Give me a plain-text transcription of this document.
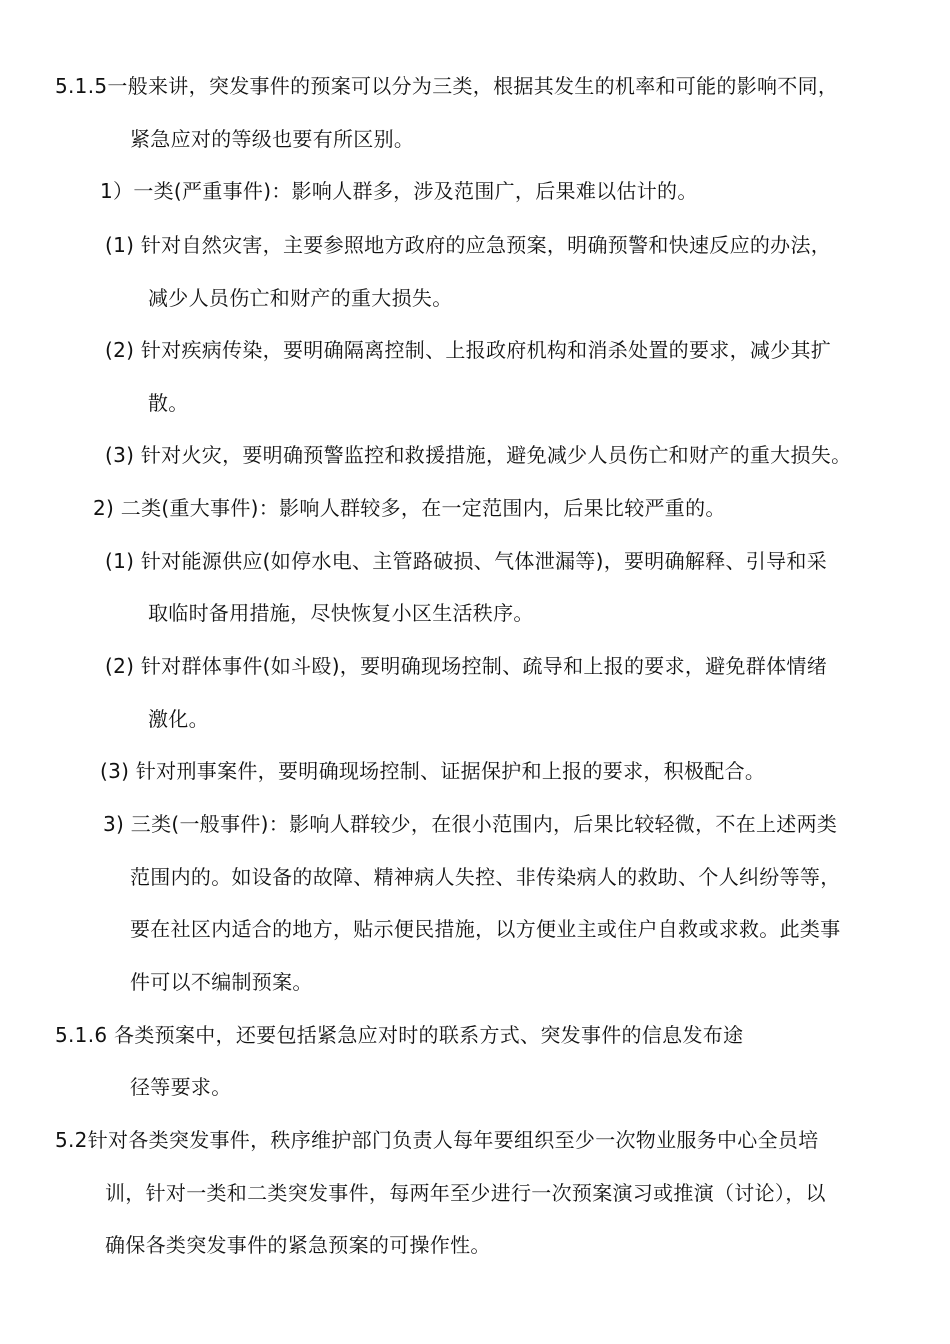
5.1.5一般来讲，突发事件的预案可以分为三类，根据其发生的机率和可能的影响不同，
紧急应对的等级也要有所区别。
1）一类(严重事件)：影响人群多，涉及范围广，后果难以估计的。
(1) 针对自然灾害，主要参照地方政府的应急预案，明确预警和快速反应的办法，
减少人员伤亡和财产的重大损失。
(2) 针对疾病传染，要明确隔离控制、上报政府机构和消杀处置的要求，减少其扩
散。
(3) 针对火灾，要明确预警监控和救援措施，避免减少人员伤亡和财产的重大损失。
2) 二类(重大事件)：影响人群较多，在一定范围内，后果比较严重的。
(1) 针对能源供应(如停水电、主管路破损、气体泄漏等)，要明确解释、引导和采
取临时备用措施，尽快恢复小区生活秩序。
(2) 针对群体事件(如斗殴)，要明确现场控制、疏导和上报的要求，避免群体情绪
激化。
(3) 针对刑事案件，要明确现场控制、证据保护和上报的要求，积极配合。
3) 三类(一般事件)：影响人群较少，在很小范围内，后果比较轻微，不在上述两类
范围内的。如设备的故障、精神病人失控、非传染病人的救助、个人纠纷等等，
要在社区内适合的地方，贴示便民措施，以方便业主或住户自救或求救。此类事
件可以不编制预案。
5.1.6 各类预案中，还要包括紧急应对时的联系方式、突发事件的信息发布途
径等要求。
5.2针对各类突发事件，秩序维护部门负责人每年要组织至少一次物业服务中心全员培
训，针对一类和二类突发事件，每两年至少进行一次预案演习或推演（讨论），以
确保各类突发事件的紧急预案的可操作性。
